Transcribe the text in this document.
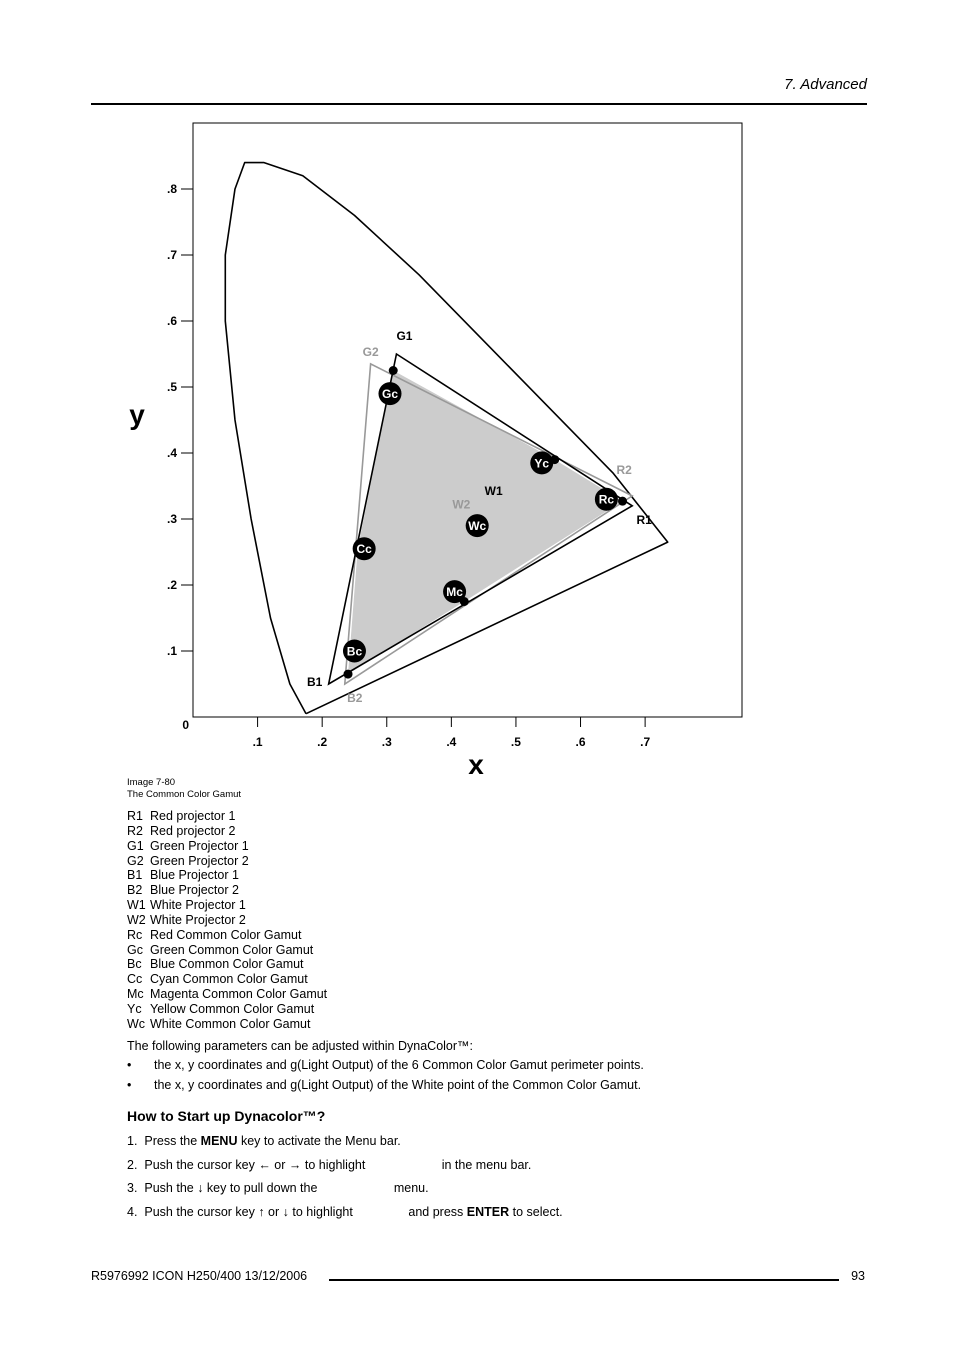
7. Advanced
.1	.2	.3	.4	.5	.6	.7
.1
.2
.3
.4
.5
.6
.7
.8
0
x
y
R1
G1
B1
R2
G2
B2
W1
W2	Rc
Yc
Gc
Cc
Bc
Mc
Wc
Image 7-80
The Common Color Gamut
R1 Red projector 1
R2 Red projector 2
G1 Green Projector 1
G2 Green Projector 2
B1 Blue Projector 1
B2 Blue Projector 2
W1 White Projector 1
W2 White Projector 2
Rc Red Common Color Gamut
Gc Green Common Color Gamut
Bc Blue Common Color Gamut
Cc Cyan Common Color Gamut
Mc Magenta Common Color Gamut
Yc Yellow Common Color Gamut
Wc White Common Color Gamut
The following parameters can be adjusted within DynaColor™:
• the x, y coordinates and g(Light Output) of the 6 Common Color Gamut perimeter points.
• the x, y coordinates and g(Light Output) of the White point of the Common Color Gamut.
How to Start up Dynacolor™?
1. Press the MENU key to activate the Menu bar.
2. Push the cursor key ← or → to highlight                      in the menu bar.
3. Push the ↓ key to pull down the                      menu.
4. Push the cursor key ↑ or ↓ to highlight                and press ENTER to select.
R5976992 ICON H250/400 13/12/2006	93
